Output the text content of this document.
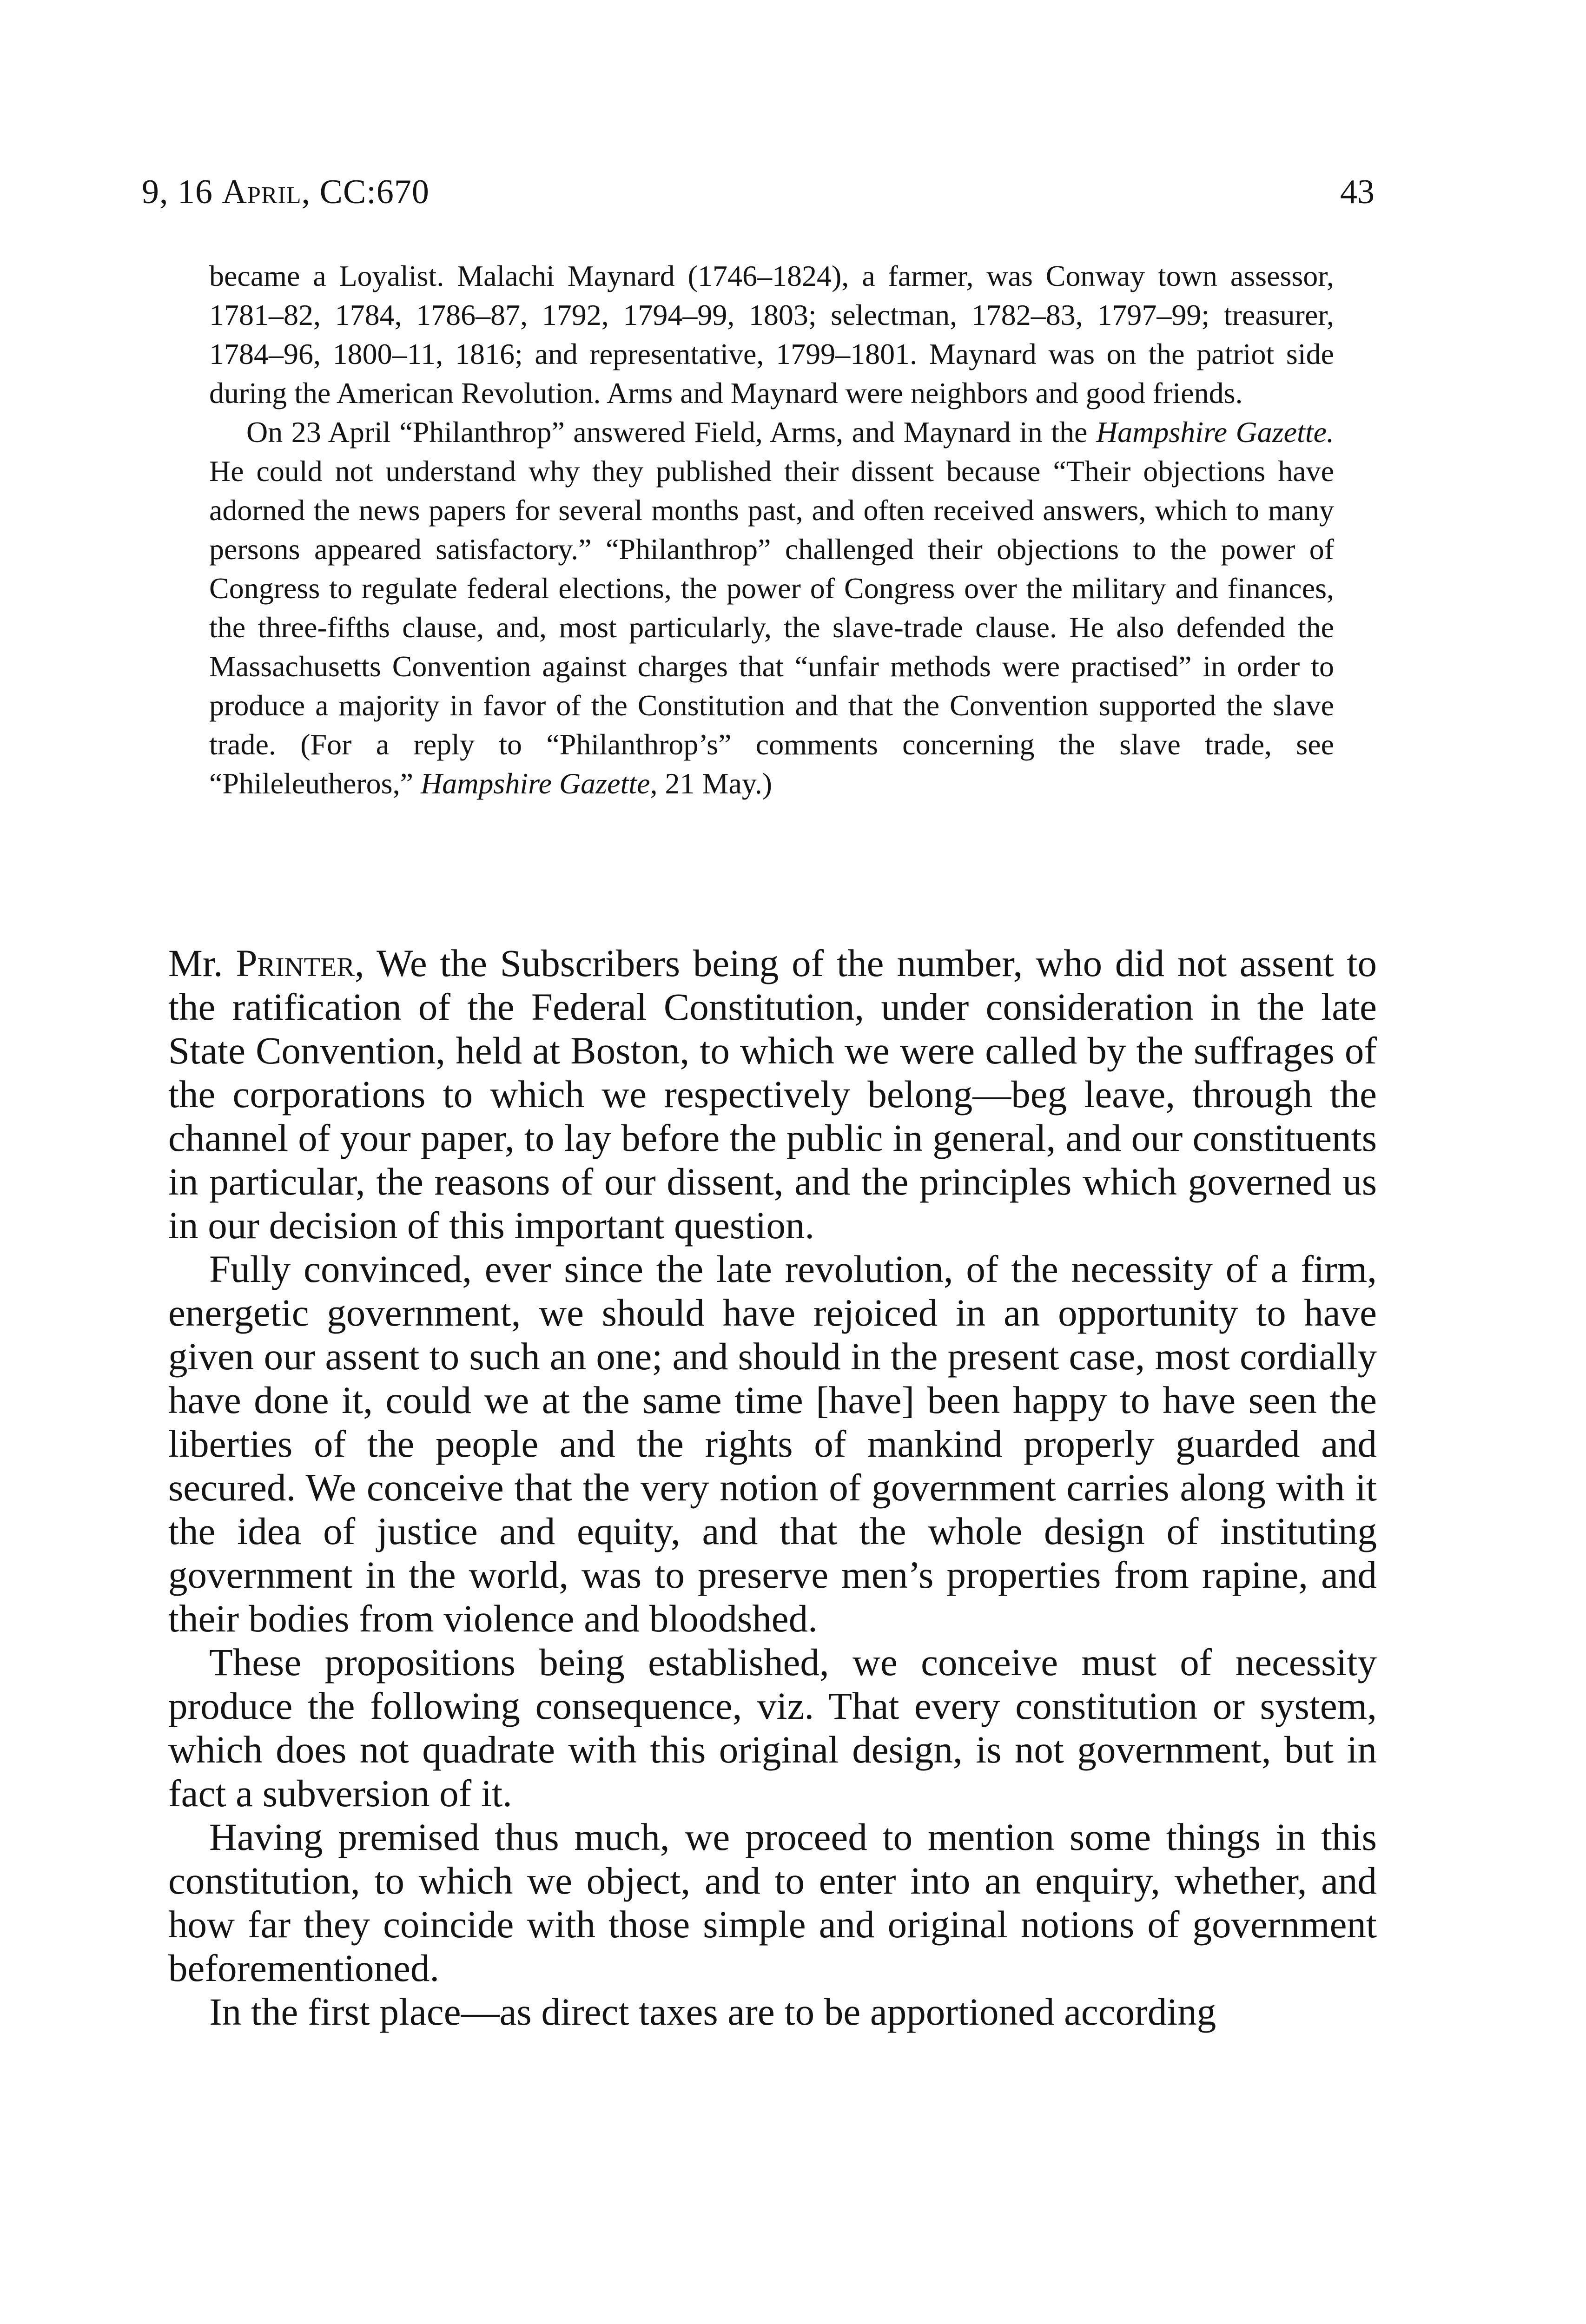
9, 16 April, CC:670	43

became a Loyalist. Malachi Maynard (1746–1824), a farmer, was Conway town assessor, 1781–82, 1784, 1786–87, 1792, 1794–99, 1803; selectman, 1782–83, 1797–99; treasurer, 1784–96, 1800–11, 1816; and representative, 1799–1801. Maynard was on the patriot side during the American Revolution. Arms and Maynard were neighbors and good friends.

On 23 April “Philanthrop” answered Field, Arms, and Maynard in the Hampshire Gazette. He could not understand why they published their dissent because “Their objections have adorned the news papers for several months past, and often received answers, which to many persons appeared satisfactory.” “Philanthrop” challenged their objections to the power of Congress to regulate federal elections, the power of Congress over the military and finances, the three-fifths clause, and, most particularly, the slave-trade clause. He also defended the Massachusetts Convention against charges that “unfair methods were practised” in order to produce a majority in favor of the Constitution and that the Convention supported the slave trade. (For a reply to “Philanthrop’s” comments concerning the slave trade, see “Phileleutheros,” Hampshire Gazette, 21 May.)

Mr. Printer, We the Subscribers being of the number, who did not assent to the ratification of the Federal Constitution, under consideration in the late State Convention, held at Boston, to which we were called by the suffrages of the corporations to which we respectively belong—beg leave, through the channel of your paper, to lay before the public in general, and our constituents in particular, the reasons of our dissent, and the principles which governed us in our decision of this important question.

Fully convinced, ever since the late revolution, of the necessity of a firm, energetic government, we should have rejoiced in an opportunity to have given our assent to such an one; and should in the present case, most cordially have done it, could we at the same time [have] been happy to have seen the liberties of the people and the rights of mankind properly guarded and secured. We conceive that the very notion of government carries along with it the idea of justice and equity, and that the whole design of instituting government in the world, was to preserve men’s properties from rapine, and their bodies from violence and bloodshed.

These propositions being established, we conceive must of necessity produce the following consequence, viz. That every constitution or system, which does not quadrate with this original design, is not government, but in fact a subversion of it.

Having premised thus much, we proceed to mention some things in this constitution, to which we object, and to enter into an enquiry, whether, and how far they coincide with those simple and original notions of government beforementioned.

In the first place—as direct taxes are to be apportioned according
